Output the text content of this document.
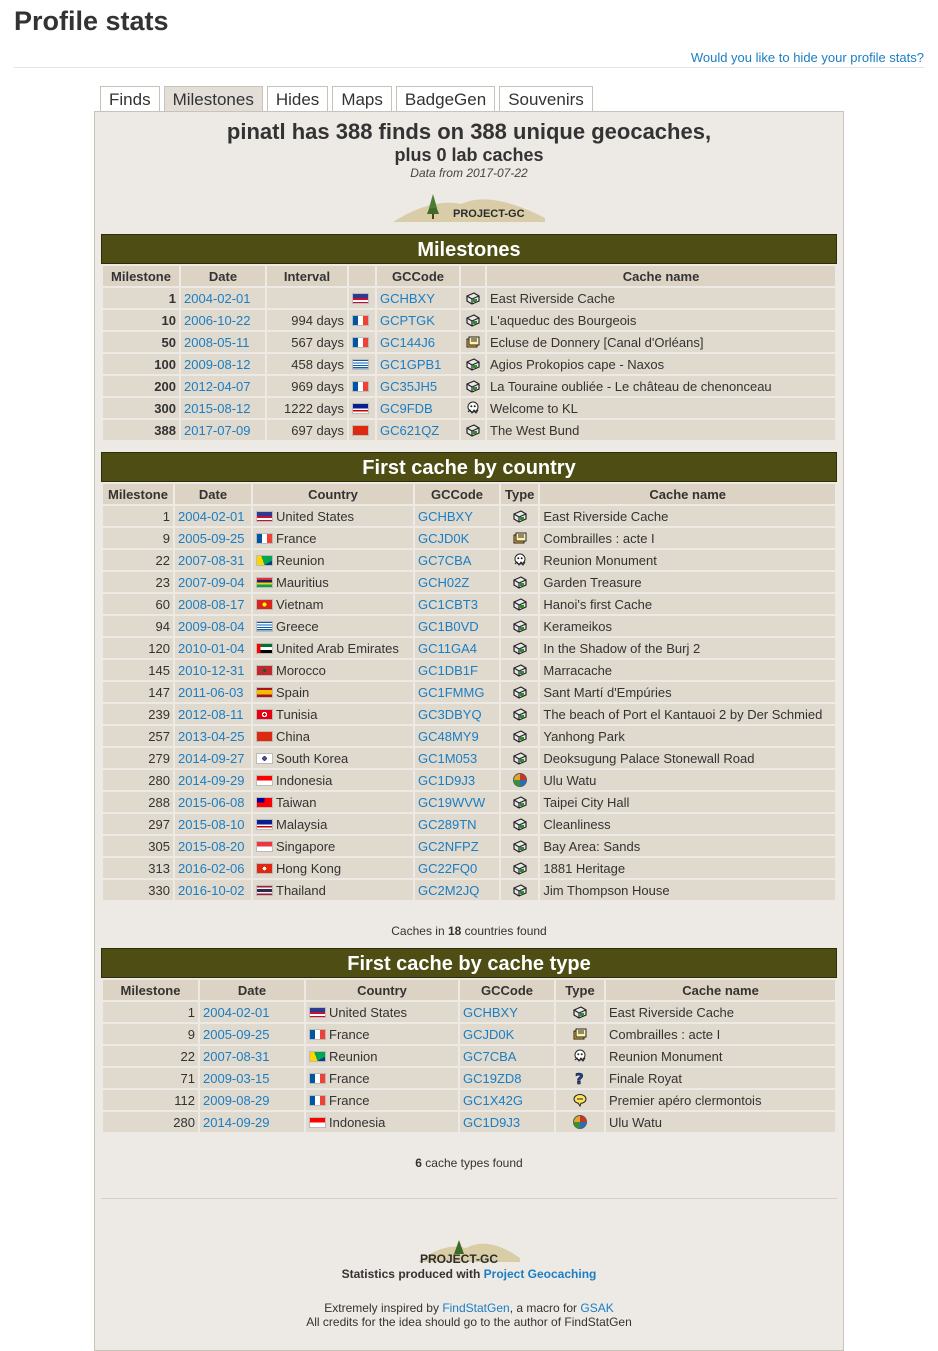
Profile stats
Would you like to hide your profile stats?
Finds	Milestones	Hides	Maps	BadgeGen	Souvenirs
pinatl has 388 finds on 388 unique geocaches,
plus 0 lab caches
Data from 2017-07-22
PROJECT-GC
Milestones
Milestone	Date	Interval		GCCode		Cache name
1	2004-02-01			GCHBXY		East Riverside Cache
10	2006-10-22	994 days		GCPTGK		L'aqueduc des Bourgeois
50	2008-05-11	567 days		GC144J6		Ecluse de Donnery [Canal d'Orléans]
100	2009-08-12	458 days		GC1GPB1		Agios Prokopios cape - Naxos
200	2012-04-07	969 days		GC35JH5		La Touraine oubliée - Le château de chenonceau
300	2015-08-12	1222 days		GC9FDB		Welcome to KL
388	2017-07-09	697 days		GC621QZ		The West Bund
First cache by country
Milestone	Date	Country	GCCode	Type	Cache name
1	2004-02-01	United States	GCHBXY		East Riverside Cache
9	2005-09-25	France	GCJD0K		Combrailles : acte I
22	2007-08-31	Reunion	GC7CBA		Reunion Monument
23	2007-09-04	Mauritius	GCH02Z		Garden Treasure
60	2008-08-17	Vietnam	GC1CBT3		Hanoi's first Cache
94	2009-08-04	Greece	GC1B0VD		Kerameikos
120	2010-01-04	United Arab Emirates	GC11GA4		In the Shadow of the Burj 2
145	2010-12-31	Morocco	GC1DB1F		Marracache
147	2011-06-03	Spain	GC1FMMG		Sant Martí d'Empúries
239	2012-08-11	Tunisia	GC3DBYQ		The beach of Port el Kantauoi 2 by Der Schmied
257	2013-04-25	China	GC48MY9		Yanhong Park
279	2014-09-27	South Korea	GC1M053		Deoksugung Palace Stonewall Road
280	2014-09-29	Indonesia	GC1D9J3		Ulu Watu
288	2015-06-08	Taiwan	GC19WVW		Taipei City Hall
297	2015-08-10	Malaysia	GC289TN		Cleanliness
305	2015-08-20	Singapore	GC2NFPZ		Bay Area: Sands
313	2016-02-06	Hong Kong	GC22FQ0		1881 Heritage
330	2016-10-02	Thailand	GC2M2JQ		Jim Thompson House
Caches in 18 countries found
First cache by cache type
Milestone	Date	Country	GCCode	Type	Cache name
1	2004-02-01	United States	GCHBXY		East Riverside Cache
9	2005-09-25	France	GCJD0K		Combrailles : acte I
22	2007-08-31	Reunion	GC7CBA		Reunion Monument
71	2009-03-15	France	GC19ZD8	?	Finale Royat
112	2009-08-29	France	GC1X42G		Premier apéro clermontois
280	2014-09-29	Indonesia	GC1D9J3		Ulu Watu
6 cache types found
PROJECT-GC
Statistics produced with Project Geocaching
Extremely inspired by FindStatGen, a macro for GSAK
All credits for the idea should go to the author of FindStatGen
